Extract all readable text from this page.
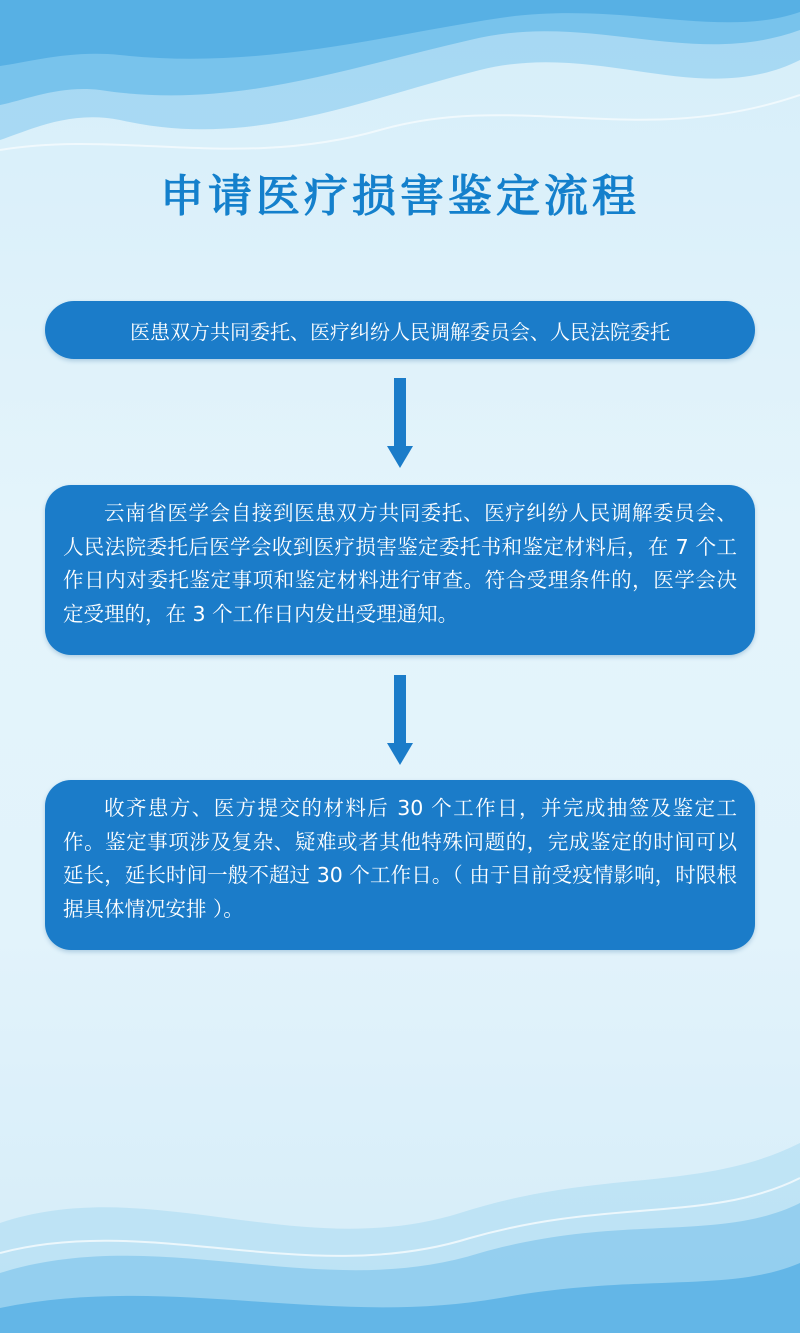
申请医疗损害鉴定流程
医患双方共同委托、医疗纠纷人民调解委员会、人民法院委托

云南省医学会自接到医患双方共同委托、医疗纠纷人民调解委员会、人民法院委托后医学会收到医疗损害鉴定委托书和鉴定材料后，在 7 个工作日内对委托鉴定事项和鉴定材料进行审查。符合受理条件的，医学会决定受理的，在 3 个工作日内发出受理通知。

收齐患方、医方提交的材料后 30 个工作日，并完成抽签及鉴定工作。鉴定事项涉及复杂、疑难或者其他特殊问题的，完成鉴定的时间可以延长，延长时间一般不超过 30 个工作日。（ 由于目前受疫情影响，时限根据具体情况安排 ）。
